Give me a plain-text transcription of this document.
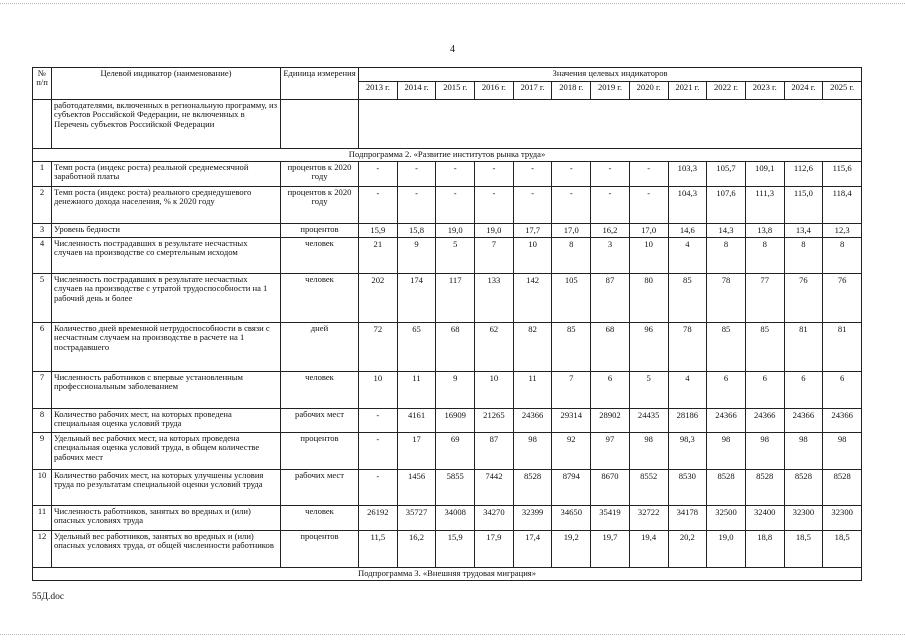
4
№ п/п	Целевой индикатор (наименование)	Единица измерения	Значения целевых индикаторов												
			2013 г.	2014 г.	2015 г.	2016 г.	2017 г.	2018 г.	2019 г.	2020 г.	2021 г.	2022 г.	2023 г.	2024 г.	2025 г.
	работодателями, включенных в региональную программу, из субъектов Российской Федерации, не включенных в Перечень субъектов Российской Федерации														
Подпрограмма 2. «Развитие институтов рынка труда»															
1	Темп роста (индекс роста) реальной среднемесячной заработной платы	процентов к 2020 году	-	-	-	-	-	-	-	-	103,3	105,7	109,1	112,6	115,6
2	Темп роста (индекс роста) реального среднедушевого денежного дохода населения, % к 2020 году	процентов к 2020 году	-	-	-	-	-	-	-	-	104,3	107,6	111,3	115,0	118,4
3	Уровень бедности	процентов	15,9	15,8	19,0	19,0	17,7	17,0	16,2	17,0	14,6	14,3	13,8	13,4	12,3
4	Численность пострадавших в результате несчастных случаев на производстве со смертельным исходом	человек	21	9	5	7	10	8	3	10	4	8	8	8	8
5	Численность пострадавших в результате несчастных случаев на производстве с утратой трудоспособности на 1 рабочий день и более	человек	202	174	117	133	142	105	87	80	85	78	77	76	76
6	Количество дней временной нетрудоспособности в связи с несчастным случаем на производстве в расчете на 1 пострадавшего	дней	72	65	68	62	82	85	68	96	78	85	85	81	81
7	Численность работников с впервые установленным профессиональным заболеванием	человек	10	11	9	10	11	7	6	5	4	6	6	6	6
8	Количество рабочих мест, на которых проведена специальная оценка условий труда	рабочих мест	-	4161	16909	21265	24366	29314	28902	24435	28186	24366	24366	24366	24366
9	Удельный вес рабочих мест, на которых проведена специальная оценка условий труда, в общем количестве рабочих мест	процентов	-	17	69	87	98	92	97	98	98,3	98	98	98	98
10	Количество рабочих мест, на которых улучшены условия труда по результатам специальной оценки условий труда	рабочих мест	-	1456	5855	7442	8528	8794	8670	8552	8530	8528	8528	8528	8528
11	Численность работников, занятых во вредных и (или) опасных условиях труда	человек	26192	35727	34008	34270	32399	34650	35419	32722	34178	32500	32400	32300	32300
12	Удельный вес работников, занятых во вредных и (или) опасных условиях труда, от общей численности работников	процентов	11,5	16,2	15,9	17,9	17,4	19,2	19,7	19,4	20,2	19,0	18,8	18,5	18,5
Подпрограмма 3. «Внешняя трудовая миграция»															
55Д.doc
